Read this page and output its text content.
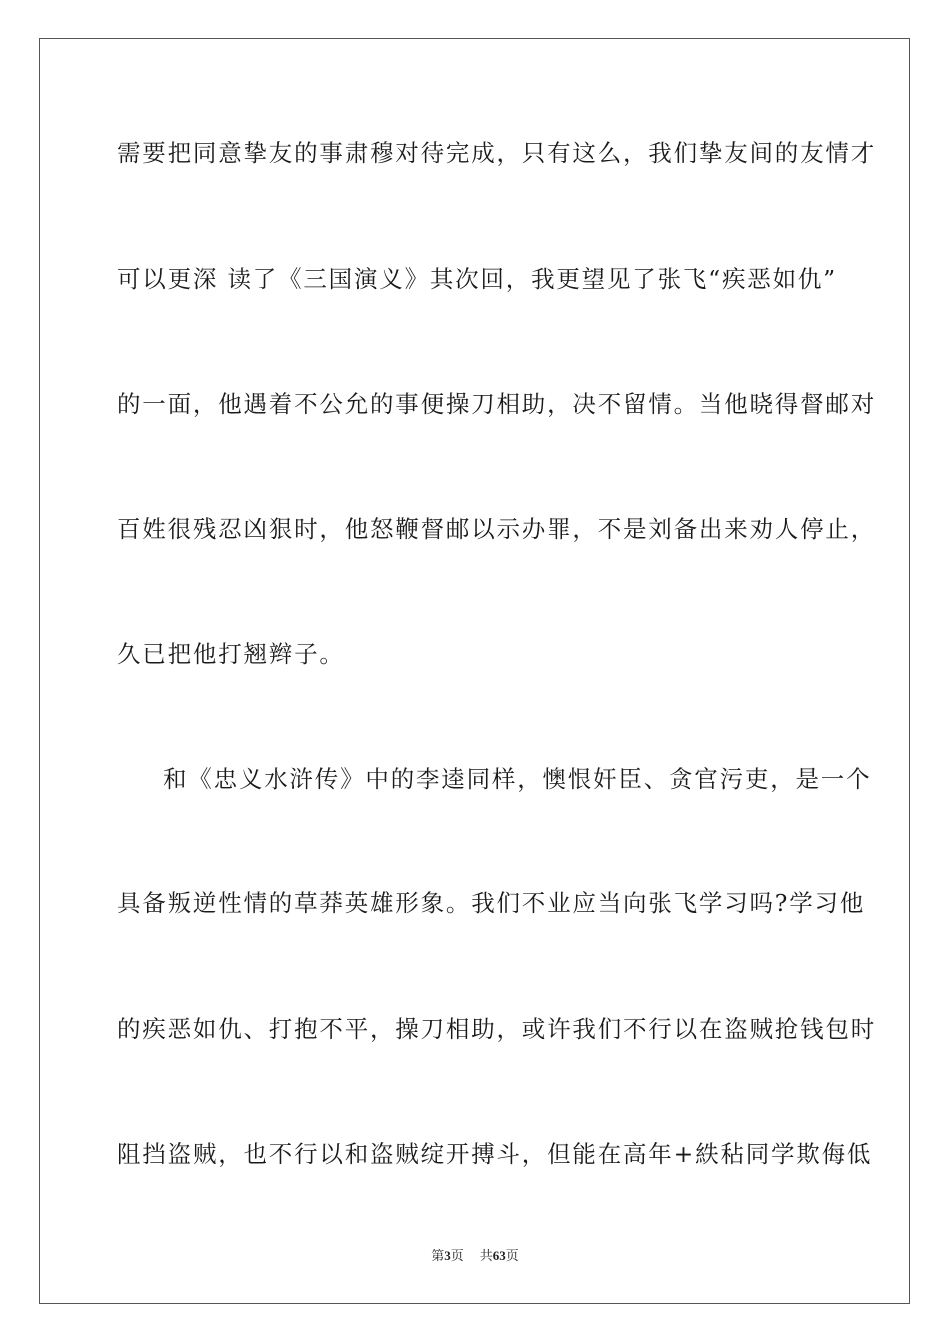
需要把同意挚友的事肃穆对待完成，只有这么，我们挚友间的友情才
可以更深 读了《三国演义》其次回，我更望见了张飞“疾恶如仇”
的一面，他遇着不公允的事便操刀相助，决不留情。当他晓得督邮对
百姓很残忍凶狠时，他怒鞭督邮以示办罪，不是刘备出来劝人停止，
久已把他打翘辫子。
和《忠义水浒传》中的李逵同样，懊恨奸臣、贪官污吏，是一个
具备叛逆性情的草莽英雄形象。我们不业应当向张飞学习吗?学习他
的疾恶如仇、打抱不平，操刀相助，或许我们不行以在盗贼抢钱包时
阻挡盗贼，也不行以和盗贼绽开搏斗，但能在高年+紩秥同学欺侮低
第3页 共63页
